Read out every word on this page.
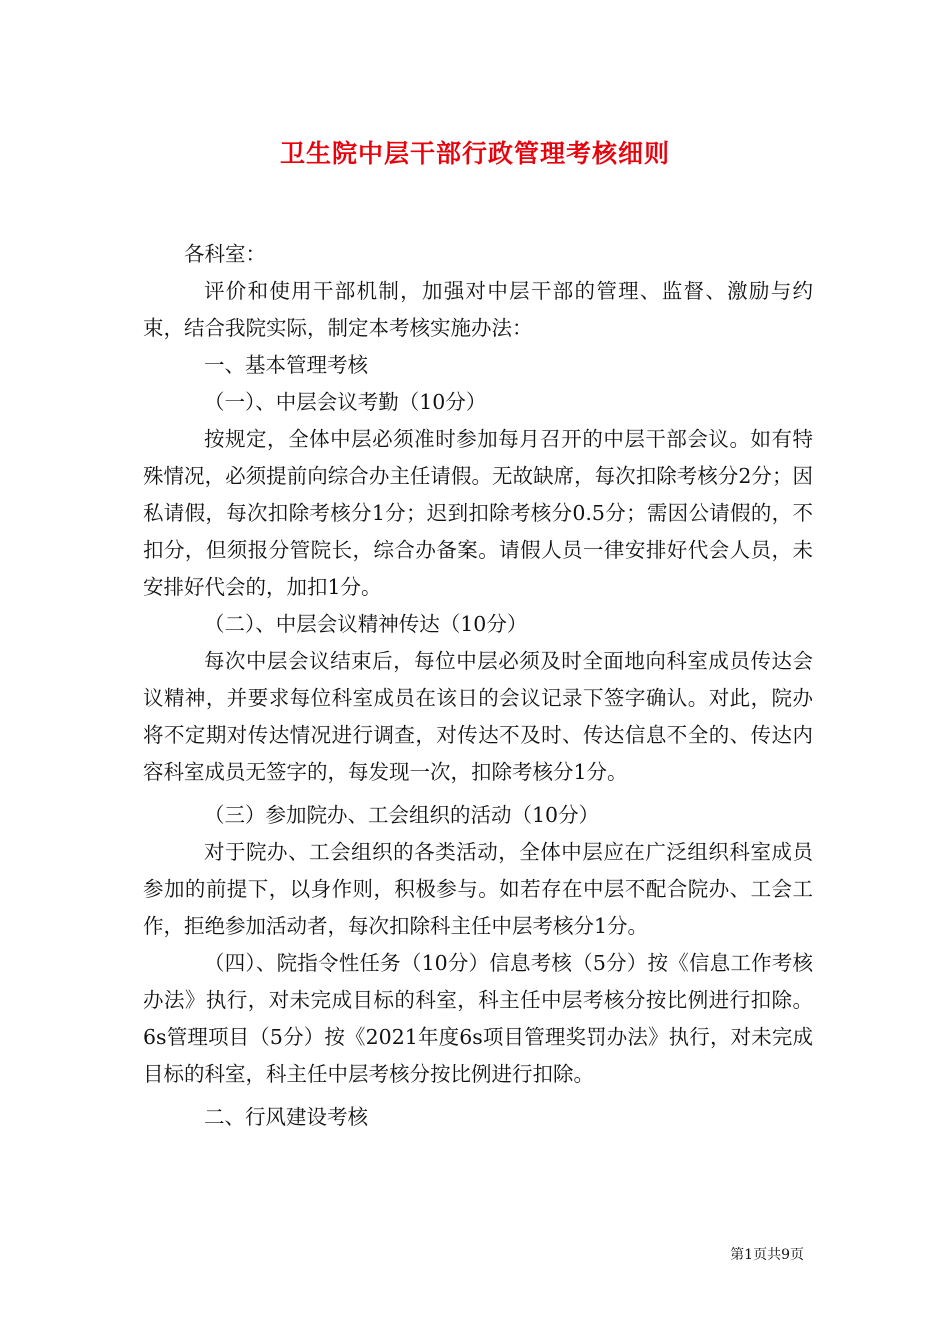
卫生院中层干部行政管理考核细则

各科室：

评价和使用干部机制，加强对中层干部的管理、监督、激励与约束，结合我院实际，制定本考核实施办法：

一、基本管理考核

（一）、中层会议考勤（10分）

按规定，全体中层必须准时参加每月召开的中层干部会议。如有特殊情况，必须提前向综合办主任请假。无故缺席，每次扣除考核分2分；因私请假，每次扣除考核分1分；迟到扣除考核分0.5分；需因公请假的，不扣分，但须报分管院长，综合办备案。请假人员一律安排好代会人员，未安排好代会的，加扣1分。

（二）、中层会议精神传达（10分）

每次中层会议结束后，每位中层必须及时全面地向科室成员传达会议精神，并要求每位科室成员在该日的会议记录下签字确认。对此，院办将不定期对传达情况进行调查，对传达不及时、传达信息不全的、传达内容科室成员无签字的，每发现一次，扣除考核分1分。

（三）参加院办、工会组织的活动（10分）

对于院办、工会组织的各类活动，全体中层应在广泛组织科室成员参加的前提下，以身作则，积极参与。如若存在中层不配合院办、工会工作，拒绝参加活动者，每次扣除科主任中层考核分1分。

（四）、院指令性任务（10分）信息考核（5分）按《信息工作考核办法》执行，对未完成目标的科室，科主任中层考核分按比例进行扣除。6s管理项目（5分）按《2021年度6s项目管理奖罚办法》执行，对未完成目标的科室，科主任中层考核分按比例进行扣除。

二、行风建设考核

第1页共9页
